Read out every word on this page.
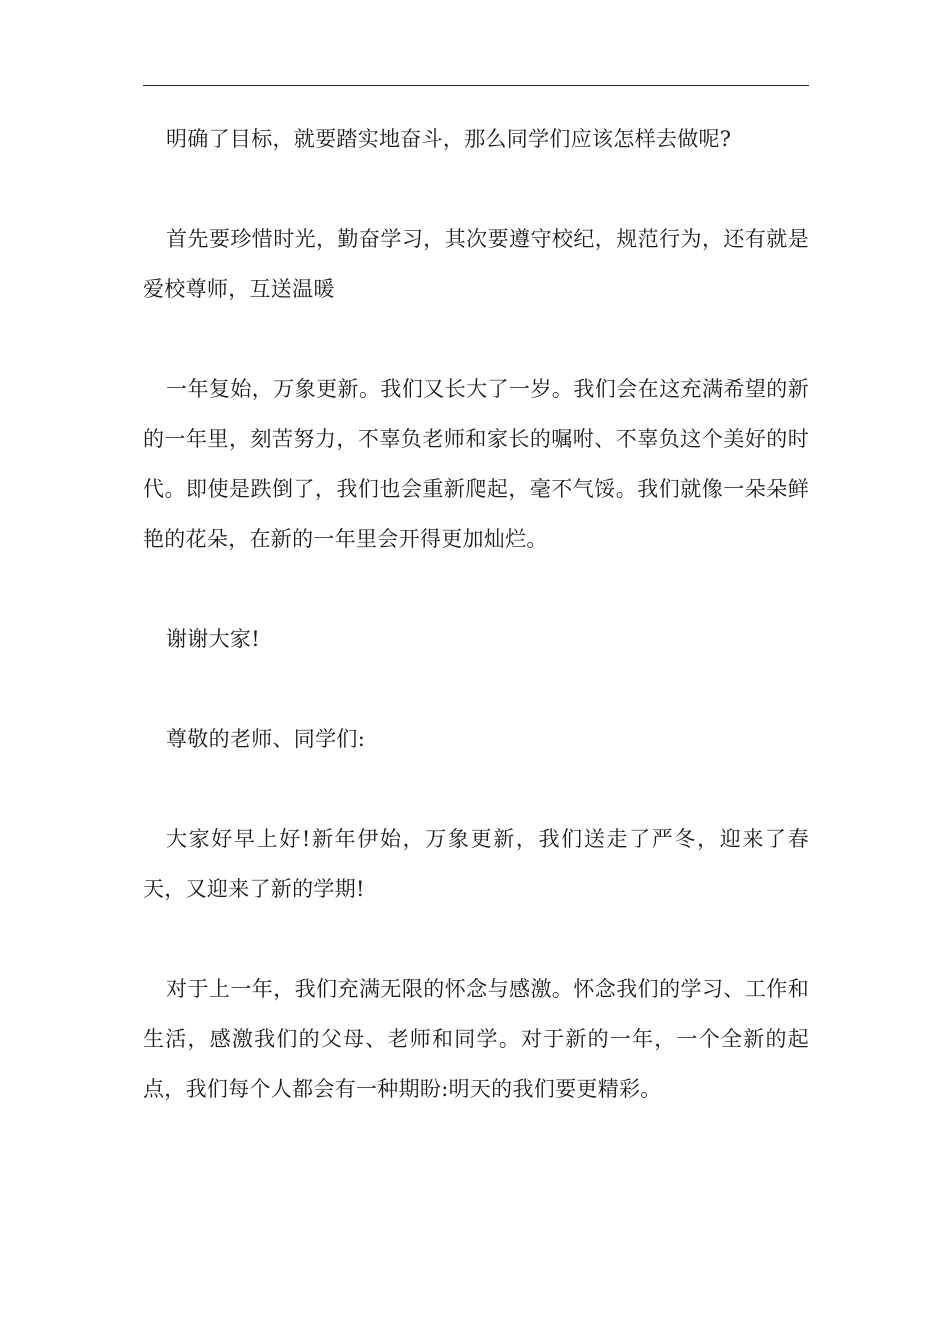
明确了目标，就要踏实地奋斗，那么同学们应该怎样去做呢?

首先要珍惜时光，勤奋学习，其次要遵守校纪，规范行为，还有就是爱校尊师，互送温暖

一年复始，万象更新。我们又长大了一岁。我们会在这充满希望的新的一年里，刻苦努力，不辜负老师和家长的嘱咐、不辜负这个美好的时代。即使是跌倒了，我们也会重新爬起，毫不气馁。我们就像一朵朵鲜艳的花朵，在新的一年里会开得更加灿烂。

谢谢大家!

尊敬的老师、同学们:

大家好早上好!新年伊始，万象更新，我们送走了严冬，迎来了春天，又迎来了新的学期!

对于上一年，我们充满无限的怀念与感激。怀念我们的学习、工作和生活，感激我们的父母、老师和同学。对于新的一年，一个全新的起点，我们每个人都会有一种期盼:明天的我们要更精彩。
